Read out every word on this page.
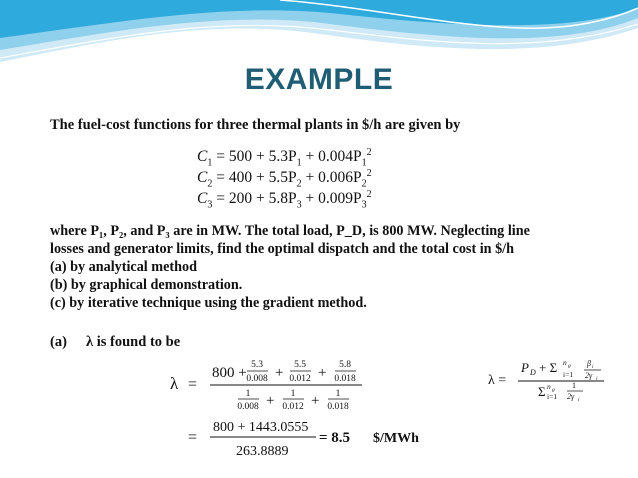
EXAMPLE
The fuel-cost functions for three thermal plants in $/h are given by
$C_1 = 500 + 5.3P_1 + 0.004P_1^2$
$C_2 = 400 + 5.5P_2 + 0.006P_2^2$
$C_3 = 200 + 5.8P_3 + 0.009P_3^2$
where P₁, P₂, and P₃ are in MW. The total load, P_D, is 800 MW. Neglecting line
losses and generator limits, find the optimal dispatch and the total cost in $/h
(a) by analytical method
(b) by graphical demonstration.
(c) by iterative technique using the gradient method.
(a) λ is found to be
λ =
800 + 5.3
0.008 + 5.5
0.012 + 5.8
0.018
1
0.008 + 1
0.012 + 1
0.018
=
800 + 1443.0555
263.8889
= 8.5 $/MWh
λ =
P D + Σ i=1
n g β i
2γ i
Σ i=1
n g 1
2γ i
